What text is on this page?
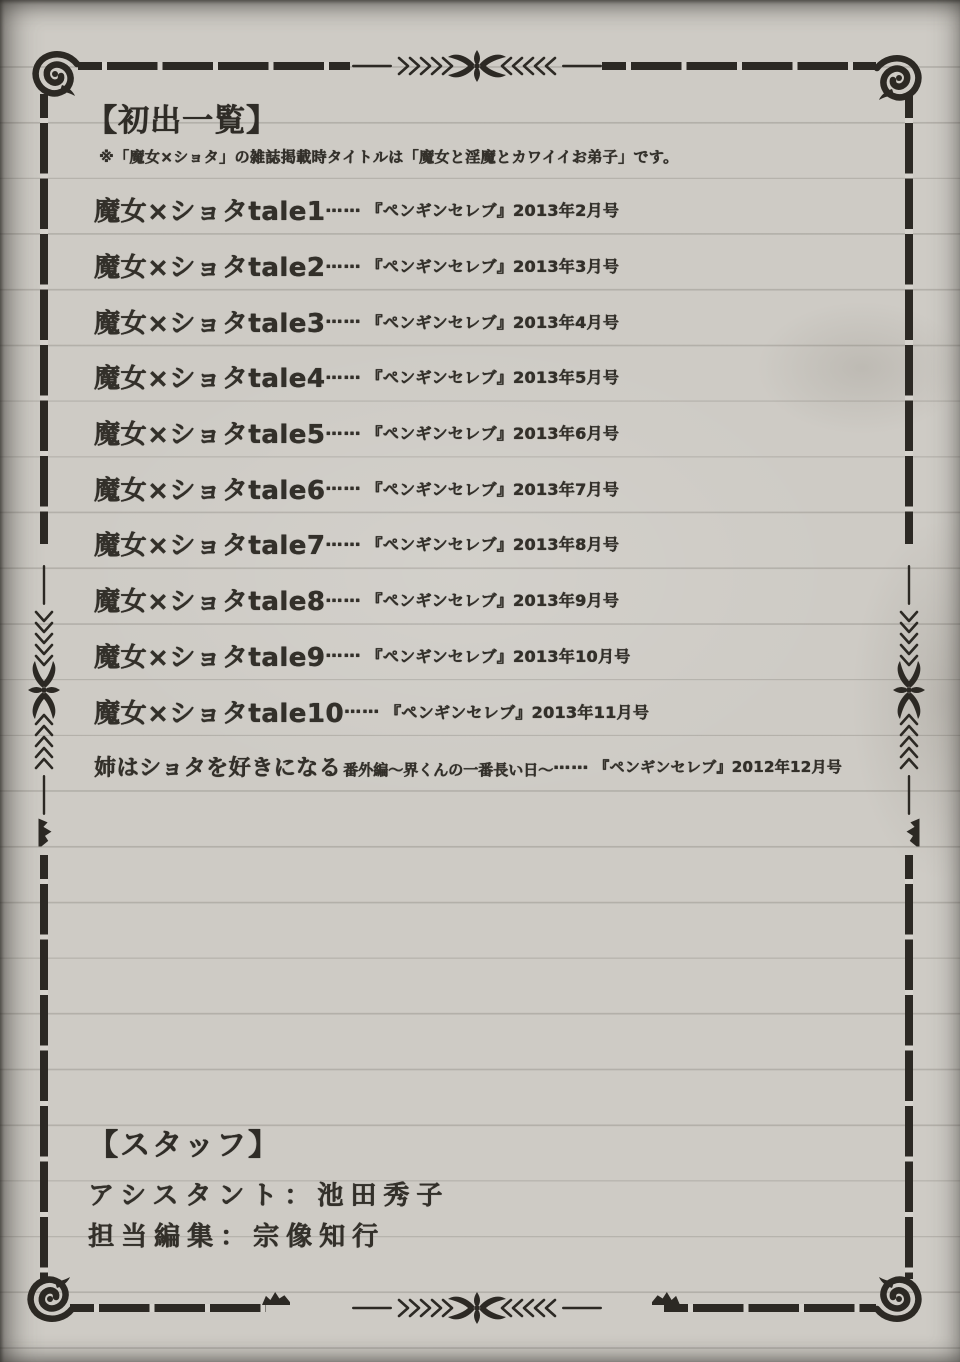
【初出一覧】

※「魔女×ショタ」の雑誌掲載時タイトルは「魔女と淫魔とカワイイお弟子」です。

魔女×ショタtale1 …… 『ペンギンセレブ』2013年2月号
魔女×ショタtale2 …… 『ペンギンセレブ』2013年3月号
魔女×ショタtale3 …… 『ペンギンセレブ』2013年4月号
魔女×ショタtale4 …… 『ペンギンセレブ』2013年5月号
魔女×ショタtale5 …… 『ペンギンセレブ』2013年6月号
魔女×ショタtale6 …… 『ペンギンセレブ』2013年7月号
魔女×ショタtale7 …… 『ペンギンセレブ』2013年8月号
魔女×ショタtale8 …… 『ペンギンセレブ』2013年9月号
魔女×ショタtale9 …… 『ペンギンセレブ』2013年10月号
魔女×ショタtale10 …… 『ペンギンセレブ』2013年11月号
姉はショタを好きになる 番外編～界くんの一番長い日～ …… 『ペンギンセレブ』2012年12月号
【スタッフ】
アシスタント：池田秀子
担当編集：宗像知行
